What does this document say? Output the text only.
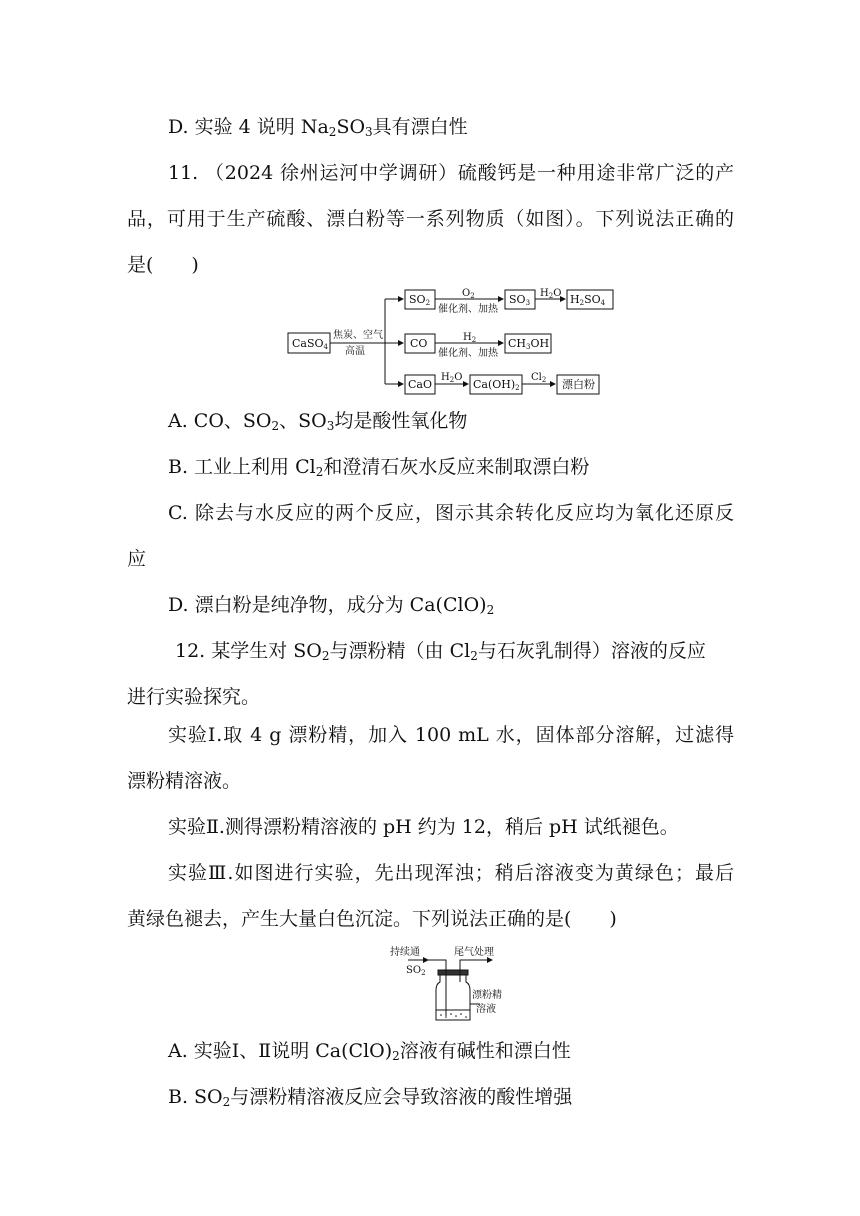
D. 实验 4 说明 $Na_2SO_3$具有漂白性
11. （2024 徐州运河中学调研）硫酸钙是一种用途非常广泛的产
品，可用于生产硫酸、漂白粉等一系列物质（如图）。下列说法正确的
是(　　)
CaSO4
焦炭、空气
高温
SO2
$O_2$
催化剂、加热
SO3
$H_2O$ H2SO4
CO	$H_2$
催化剂、加热
CH3OH
CaO
$H_2O$
Ca(OH)2
$Cl_2$ 漂白粉
A. CO、$SO_2$、$SO_3$均是酸性氧化物
B. 工业上利用 $Cl_2$和澄清石灰水反应来制取漂白粉
C. 除去与水反应的两个反应，图示其余转化反应均为氧化还原反
应
D. 漂白粉是纯净物，成分为 $Ca(ClO)_2$
12. 某学生对 $SO_2$与漂粉精（由 $Cl_2$与石灰乳制得）溶液的反应
进行实验探究。
实验Ⅰ.取 4 g 漂粉精，加入 100 mL 水，固体部分溶解，过滤得
漂粉精溶液。
实验Ⅱ.测得漂粉精溶液的 pH 约为 12，稍后 pH 试纸褪色。
实验Ⅲ.如图进行实验，先出现浑浊；稍后溶液变为黄绿色；最后
黄绿色褪去，产生大量白色沉淀。下列说法正确的是(　　)
持续通
$SO_2$
尾气处理
漂粉精
溶液
A. 实验Ⅰ、Ⅱ说明 $Ca(ClO)_2$溶液有碱性和漂白性
B. $SO_2$与漂粉精溶液反应会导致溶液的酸性增强
